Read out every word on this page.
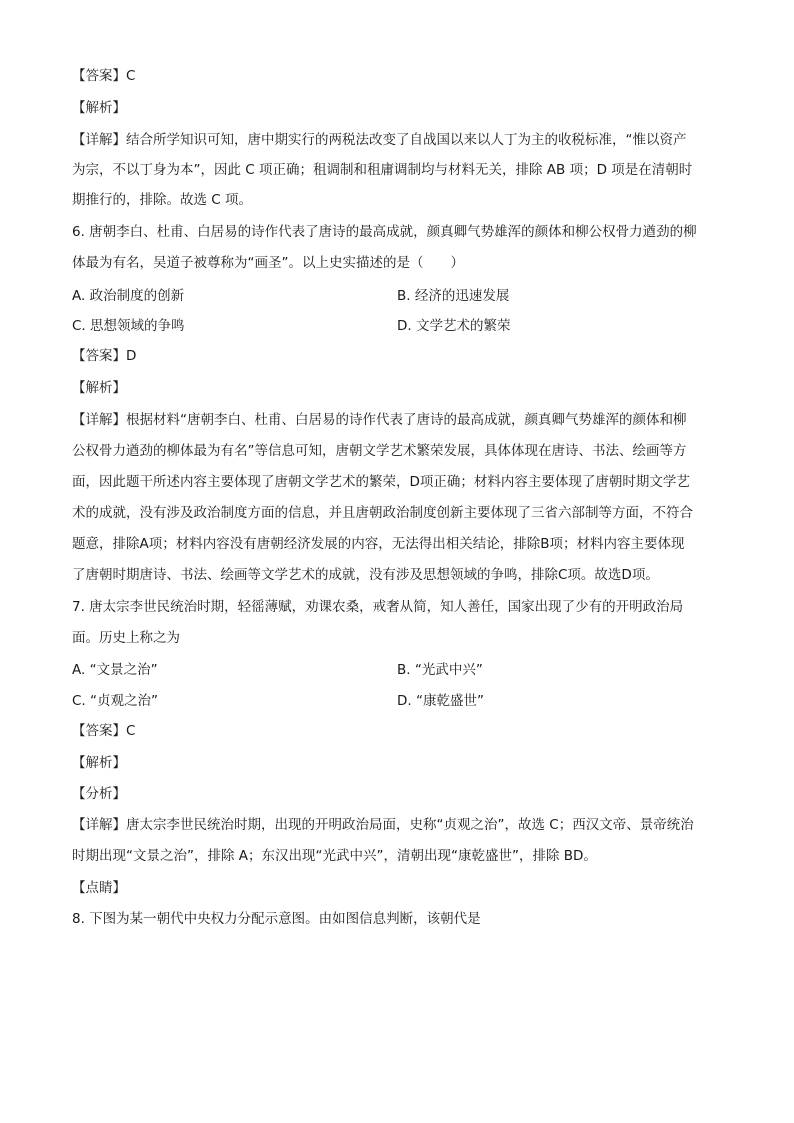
【答案】C
【解析】
【详解】结合所学知识可知，唐中期实行的两税法改变了自战国以来以人丁为主的收税标准，“惟以资产
为宗，不以丁身为本”，因此 C 项正确；租调制和租庸调制均与材料无关，排除 AB 项；D 项是在清朝时
期推行的，排除。故选 C 项。
6. 唐朝李白、杜甫、白居易的诗作代表了唐诗的最高成就，颜真卿气势雄浑的颜体和柳公权骨力遒劲的柳
体最为有名，吴道子被尊称为“画圣”。以上史实描述的是（　　）
A. 政治制度的创新	B. 经济的迅速发展
C. 思想领域的争鸣	D. 文学艺术的繁荣
【答案】D
【解析】
【详解】根据材料“唐朝李白、杜甫、白居易的诗作代表了唐诗的最高成就，颜真卿气势雄浑的颜体和柳
公权骨力遒劲的柳体最为有名”等信息可知，唐朝文学艺术繁荣发展，具体体现在唐诗、书法、绘画等方
面，因此题干所述内容主要体现了唐朝文学艺术的繁荣，D项正确；材料内容主要体现了唐朝时期文学艺
术的成就，没有涉及政治制度方面的信息，并且唐朝政治制度创新主要体现了三省六部制等方面，不符合
题意，排除A项；材料内容没有唐朝经济发展的内容，无法得出相关结论，排除B项；材料内容主要体现
了唐朝时期唐诗、书法、绘画等文学艺术的成就，没有涉及思想领域的争鸣，排除C项。故选D项。
7. 唐太宗李世民统治时期，轻徭薄赋，劝课农桑，戒奢从简，知人善任，国家出现了少有的开明政治局
面。历史上称之为
A. “文景之治”	B. “光武中兴”
C. “贞观之治”	D. “康乾盛世”
【答案】C
【解析】
【分析】
【详解】唐太宗李世民统治时期，出现的开明政治局面，史称“贞观之治”，故选 C；西汉文帝、景帝统治
时期出现“文景之治”，排除 A；东汉出现“光武中兴”，清朝出现“康乾盛世”，排除 BD。
【点睛】
8. 下图为某一朝代中央权力分配示意图。由如图信息判断，该朝代是
